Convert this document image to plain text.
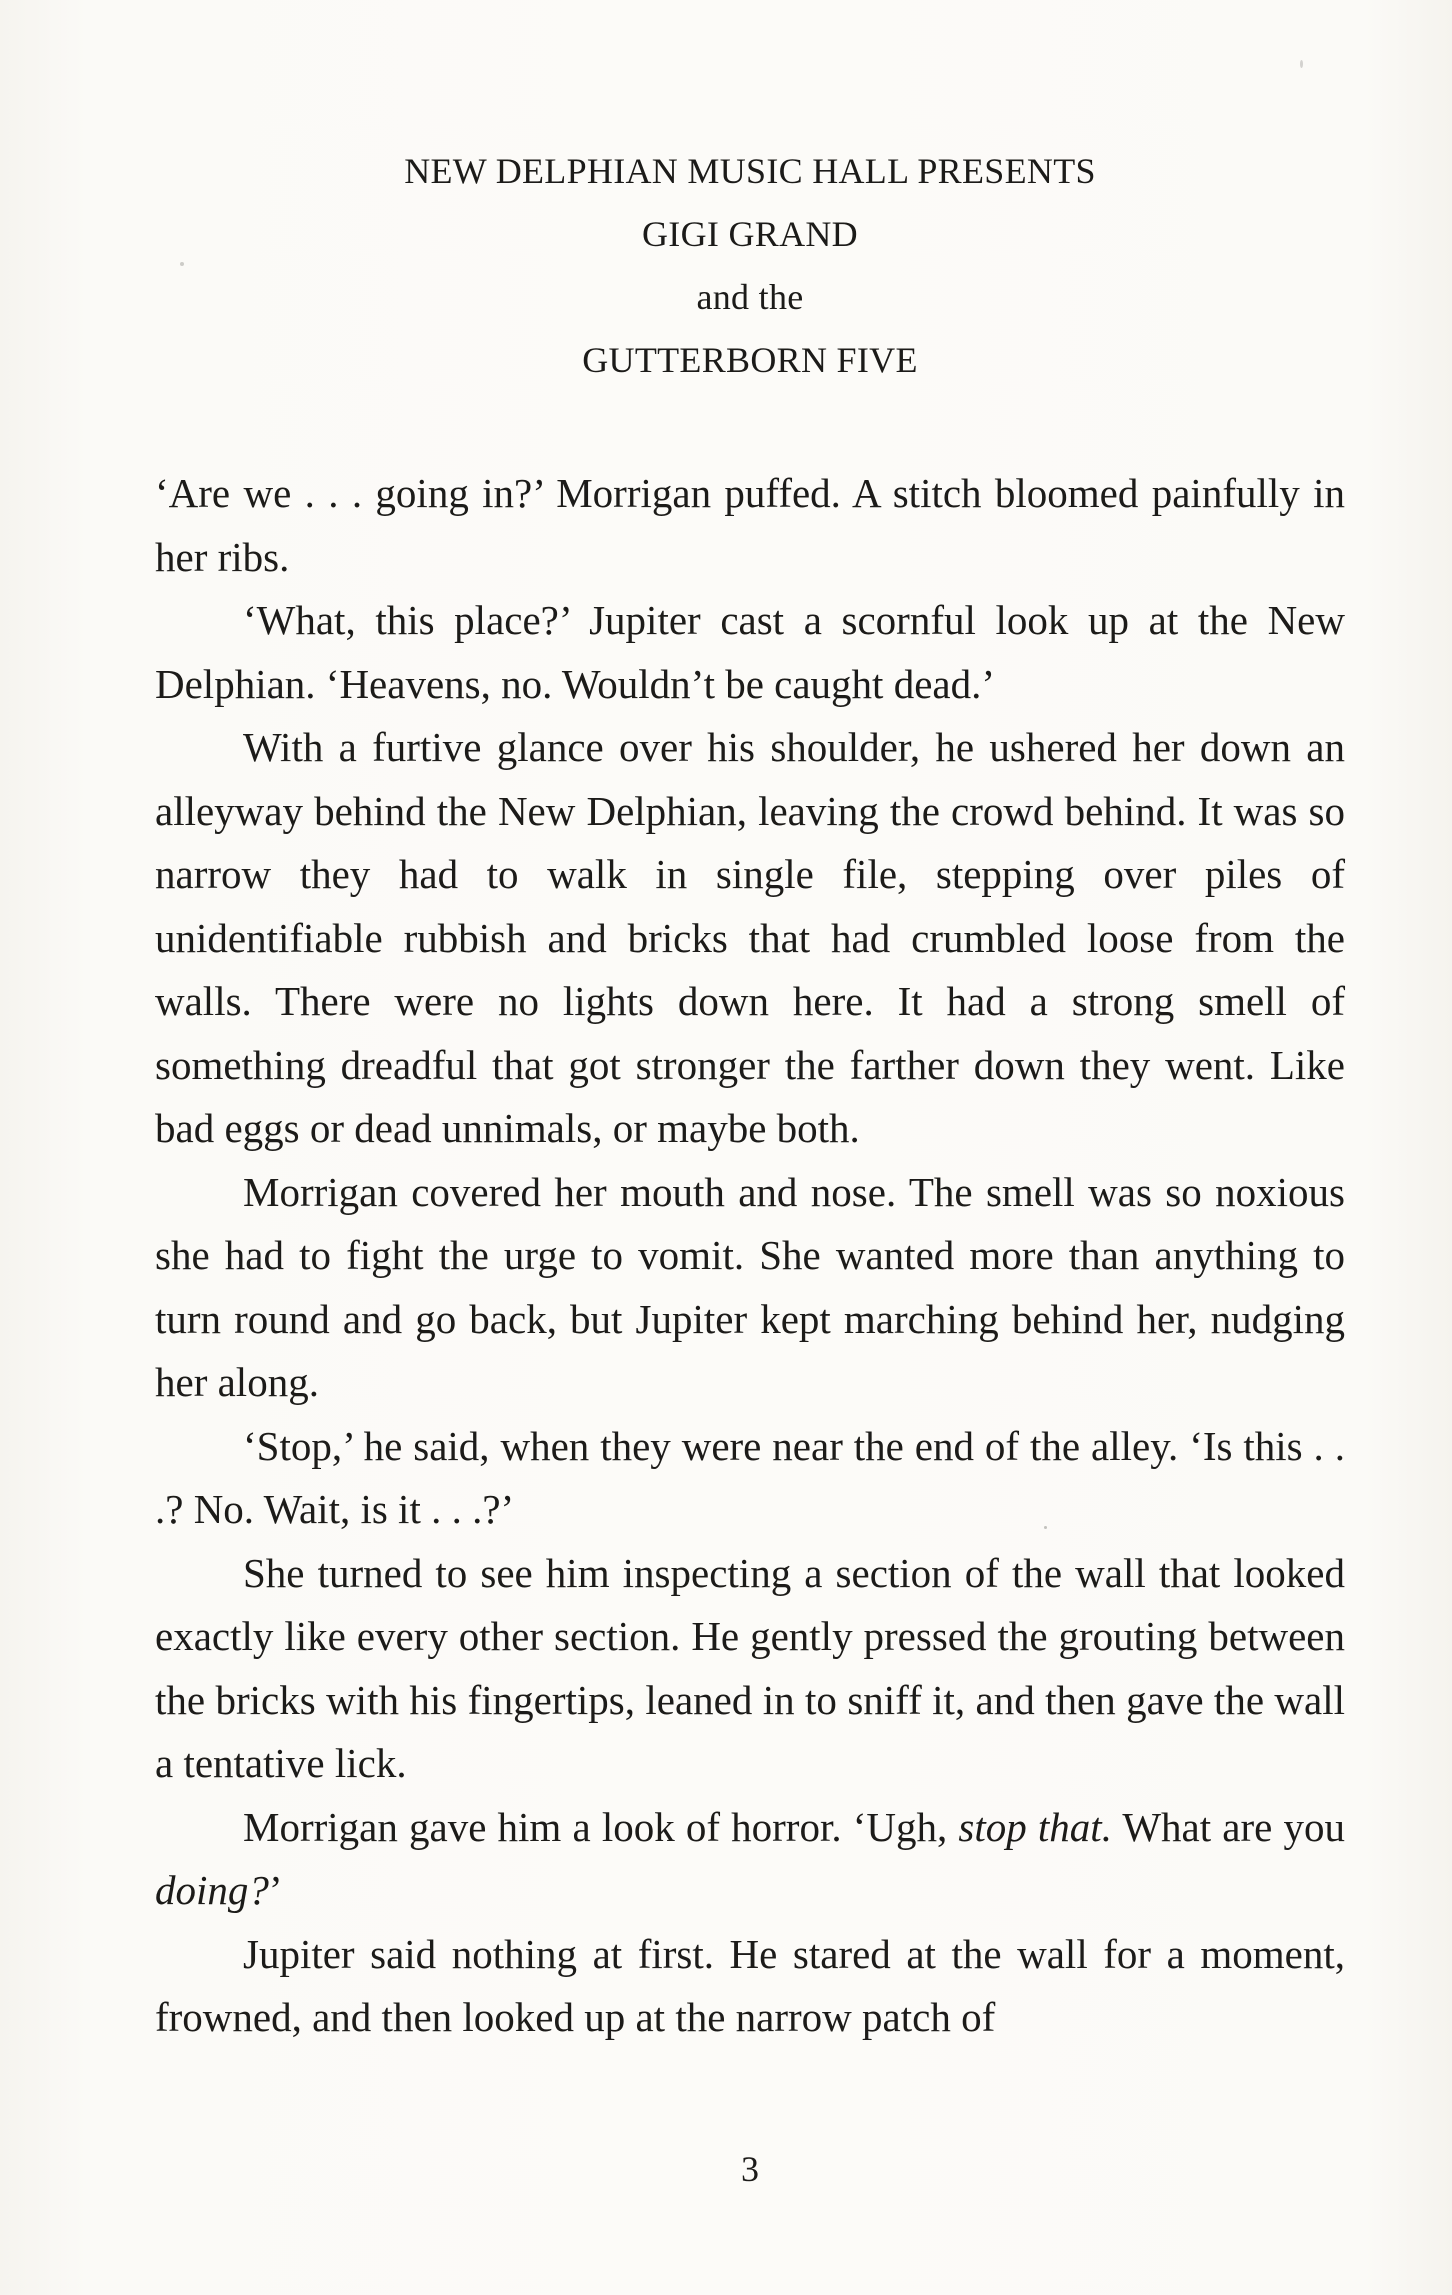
NEW DELPHIAN MUSIC HALL PRESENTS
GIGI GRAND
and the
GUTTERBORN FIVE

‘Are we . . . going in?’ Morrigan puffed. A stitch bloomed painfully in her ribs.

‘What, this place?’ Jupiter cast a scornful look up at the New Delphian. ‘Heavens, no. Wouldn’t be caught dead.’

With a furtive glance over his shoulder, he ushered her down an alleyway behind the New Delphian, leaving the crowd behind. It was so narrow they had to walk in single file, stepping over piles of unidentifiable rubbish and bricks that had crumbled loose from the walls. There were no lights down here. It had a strong smell of something dreadful that got stronger the farther down they went. Like bad eggs or dead unnimals, or maybe both.

Morrigan covered her mouth and nose. The smell was so noxious she had to fight the urge to vomit. She wanted more than anything to turn round and go back, but Jupiter kept marching behind her, nudging her along.

‘Stop,’ he said, when they were near the end of the alley. ‘Is this . . .? No. Wait, is it . . .?’

She turned to see him inspecting a section of the wall that looked exactly like every other section. He gently pressed the grouting between the bricks with his fingertips, leaned in to sniff it, and then gave the wall a tentative lick.

Morrigan gave him a look of horror. ‘Ugh, stop that. What are you doing?’

Jupiter said nothing at first. He stared at the wall for a moment, frowned, and then looked up at the narrow patch of

3
